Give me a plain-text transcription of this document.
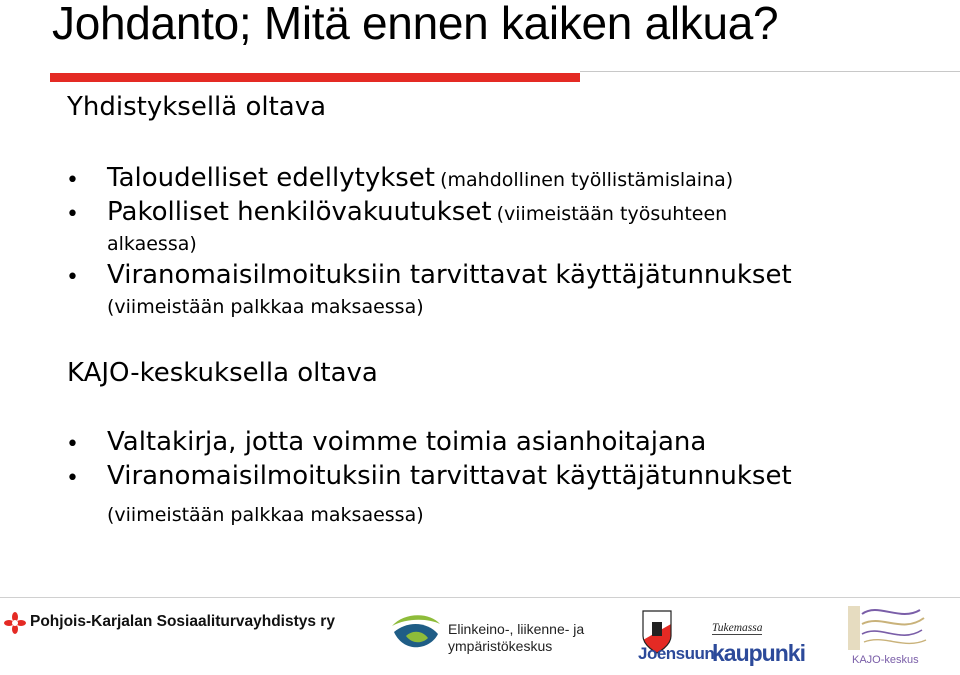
Johdanto; Mitä ennen kaiken alkua?
Yhdistyksellä oltava
• Taloudelliset edellytykset (mahdollinen työllistämislaina)
• Pakolliset henkilövakuutukset (viimeistään työsuhteen
alkaessa)
• Viranomaisilmoituksiin tarvittavat käyttäjätunnukset
(viimeistään palkkaa maksaessa)
KAJO-keskuksella oltava
• Valtakirja, jotta voimme toimia asianhoitajana
• Viranomaisilmoituksiin tarvittavat käyttäjätunnukset
(viimeistään palkkaa maksaessa)
Pohjois-Karjalan Sosiaaliturvayhdistys ry	Elinkeino-, liikenne- ja
ympäristökeskus
Tukemassa
Joensuun
kaupunki	KAJO-keskus
